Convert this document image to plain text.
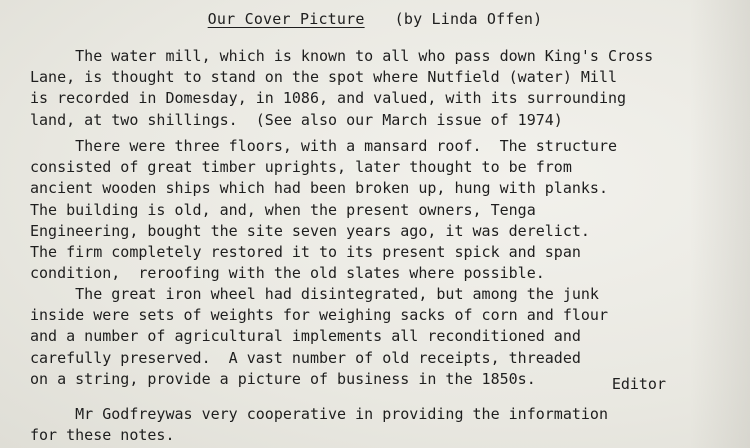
Our Cover Picture (by Linda Offen)
The water mill, which is known to all who pass down King's Cross
Lane, is thought to stand on the spot where Nutfield (water) Mill
is recorded in Domesday, in 1086, and valued, with its surrounding
land, at two shillings.  (See also our March issue of 1974)
There were three floors, with a mansard roof.  The structure
consisted of great timber uprights, later thought to be from
ancient wooden ships which had been broken up, hung with planks.
The building is old, and, when the present owners, Tenga
Engineering, bought the site seven years ago, it was derelict.
The firm completely restored it to its present spick and span
condition,  reroofing with the old slates where possible.
The great iron wheel had disintegrated, but among the junk
inside were sets of weights for weighing sacks of corn and flour
and a number of agricultural implements all reconditioned and
carefully preserved.  A vast number of old receipts, threaded
on a string, provide a picture of business in the 1850s.	Editor
Mr Godfreywas very cooperative in providing the information
for these notes.
